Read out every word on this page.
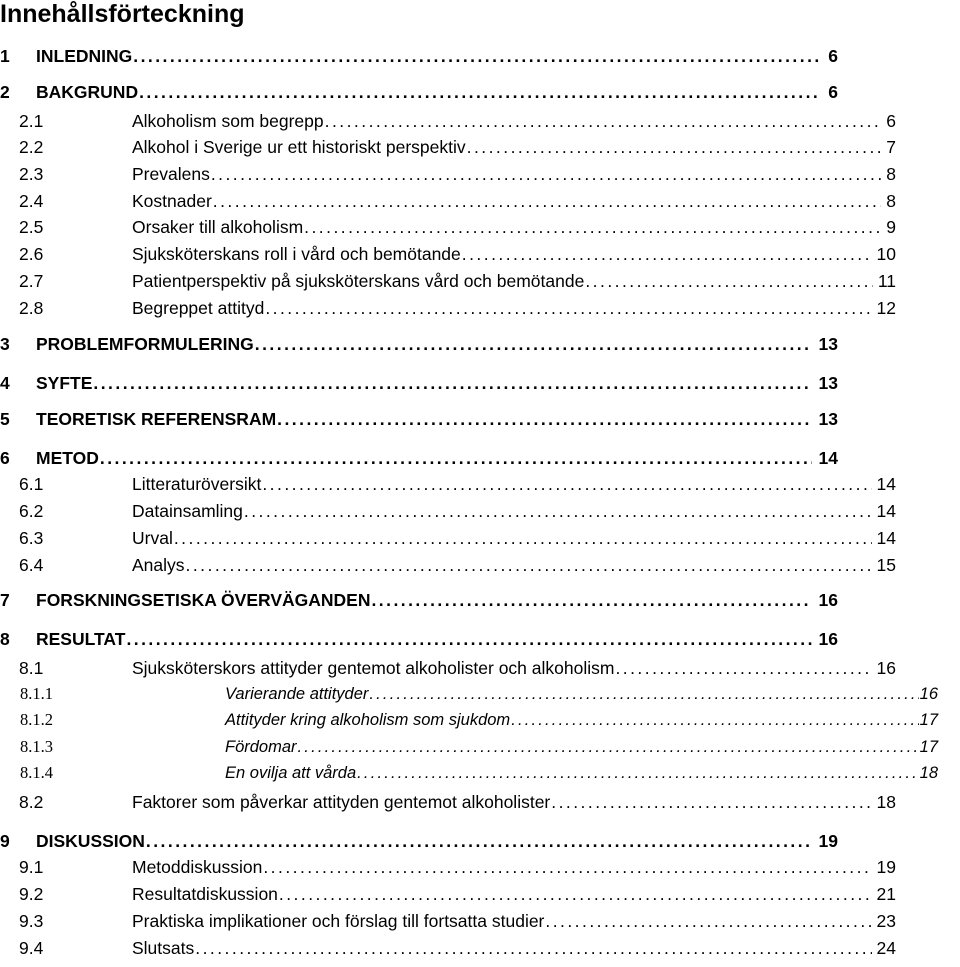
Innehållsförteckning
1 INLEDNING . . .	6
2 BAKGRUND . . .	6
2.1	Alkoholism som begrepp . . .	6
2.2	Alkohol i Sverige ur ett historiskt perspektiv . . .	7
2.3	Prevalens . . .	8
2.4	Kostnader . . .	8
2.5	Orsaker till alkoholism . . .	9
2.6	Sjuksköterskans roll i vård och bemötande . . .	10
2.7	Patientperspektiv på sjuksköterskans vård och bemötande . . .	11
2.8	Begreppet attityd . . .	12
3 PROBLEMFORMULERING . . .	13
4 SYFTE . . .	13
5 TEORETISK REFERENSRAM . . .	13
6 METOD . . .	14
6.1	Litteraturöversikt . . .	14
6.2	Datainsamling . . .	14
6.3	Urval . . .	14
6.4	Analys . . .	15
7 FORSKNINGSETISKA ÖVERVÄGANDEN . . .	16
8 RESULTAT . . .	16
8.1	Sjuksköterskors attityder gentemot alkoholister och alkoholism . . .	16
8.1.1	Varierande attityder . . .	16
8.1.2	Attityder kring alkoholism som sjukdom . . .	17
8.1.3	Fördomar . . .	17
8.1.4	En ovilja att vårda . . .	18
8.2	Faktorer som påverkar attityden gentemot alkoholister . . .	18
9 DISKUSSION . . .	19
9.1	Metoddiskussion . . .	19
9.2	Resultatdiskussion . . .	21
9.3	Praktiska implikationer och förslag till fortsatta studier . . .	23
9.4	Slutsats . . .	24
